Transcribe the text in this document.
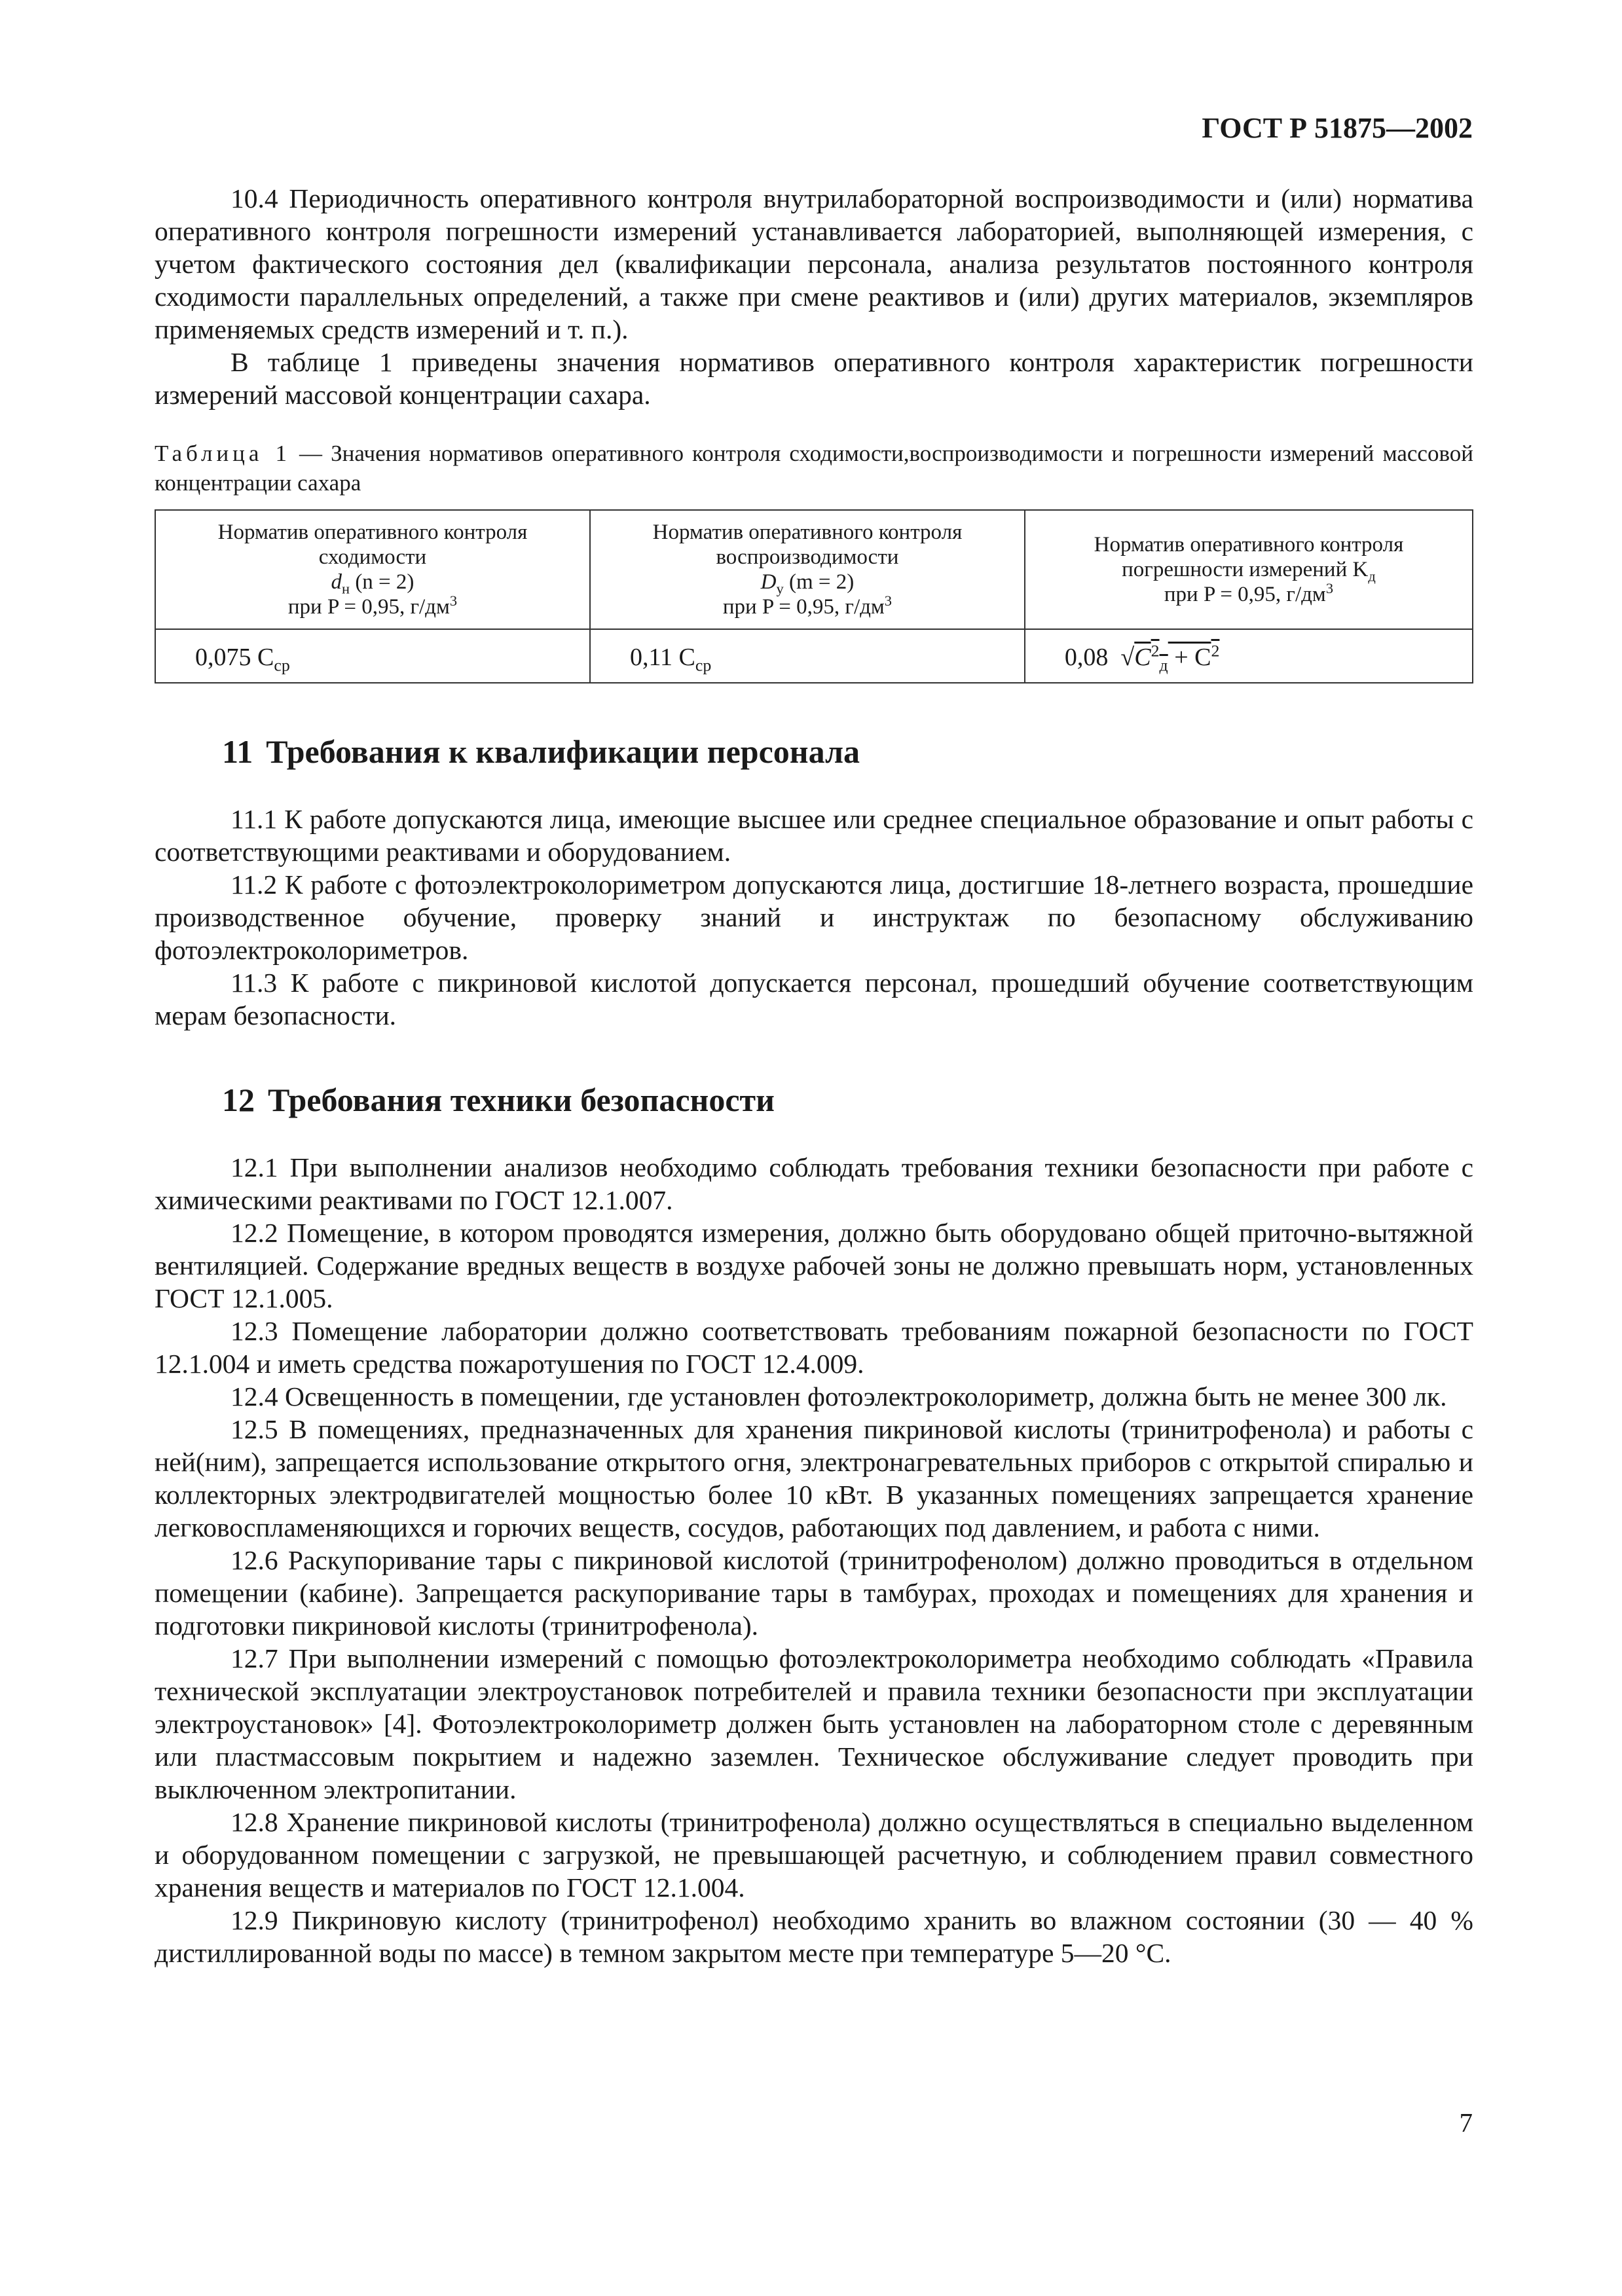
ГОСТ Р 51875—2002

10.4 Периодичность оперативного контроля внутрилабораторной воспроизводимости и (или) норматива оперативного контроля погрешности измерений устанавливается лабораторией, выполняющей измерения, с учетом фактического состояния дел (квалификации персонала, анализа результатов постоянного контроля сходимости параллельных определений, а также при смене реактивов и (или) других материалов, экземпляров применяемых средств измерений и т. п.).

В таблице 1 приведены значения нормативов оперативного контроля характеристик погрешности измерений массовой концентрации сахара.

Таблица 1 — Значения нормативов оперативного контроля сходимости,воспроизводимости и погрешности измерений массовой концентрации сахара
Норматив оперативного контроля
сходимости
$d_н$ (n = 2)
при P = 0,95, $г/дм^3$	Норматив оперативного контроля
воспроизводимости
$D_y$ (m = 2)
при P = 0,95, $г/дм^3$	Норматив оперативного контроля
погрешности измерений $K_д$
при P = 0,95, $г/дм^3$
0,075 $C_{ср}$	0,11 $C_{ср}$	0,08 $√C^2_д + C^2$
11 Требования к квалификации персонала

11.1 К работе допускаются лица, имеющие высшее или среднее специальное образование и опыт работы с соответствующими реактивами и оборудованием.

11.2 К работе с фотоэлектроколориметром допускаются лица, достигшие 18-летнего возраста, прошедшие производственное обучение, проверку знаний и инструктаж по безопасному обслуживанию фотоэлектроколориметров.

11.3 К работе с пикриновой кислотой допускается персонал, прошедший обучение соответствующим мерам безопасности.

12 Требования техники безопасности

12.1 При выполнении анализов необходимо соблюдать требования техники безопасности при работе с химическими реактивами по ГОСТ 12.1.007.

12.2 Помещение, в котором проводятся измерения, должно быть оборудовано общей приточно-вытяжной вентиляцией. Содержание вредных веществ в воздухе рабочей зоны не должно превышать норм, установленных ГОСТ 12.1.005.

12.3 Помещение лаборатории должно соответствовать требованиям пожарной безопасности по ГОСТ 12.1.004 и иметь средства пожаротушения по ГОСТ 12.4.009.

12.4 Освещенность в помещении, где установлен фотоэлектроколориметр, должна быть не менее 300 лк.

12.5 В помещениях, предназначенных для хранения пикриновой кислоты (тринитрофенола) и работы с ней(ним), запрещается использование открытого огня, электронагревательных приборов с открытой спиралью и коллекторных электродвигателей мощностью более 10 кВт. В указанных помещениях запрещается хранение легковоспламеняющихся и горючих веществ, сосудов, работающих под давлением, и работа с ними.

12.6 Раскупоривание тары с пикриновой кислотой (тринитрофенолом) должно проводиться в отдельном помещении (кабине). Запрещается раскупоривание тары в тамбурах, проходах и помещениях для хранения и подготовки пикриновой кислоты (тринитрофенола).

12.7 При выполнении измерений с помощью фотоэлектроколориметра необходимо соблюдать «Правила технической эксплуатации электроустановок потребителей и правила техники безопасности при эксплуатации электроустановок» [4]. Фотоэлектроколориметр должен быть установлен на лабораторном столе с деревянным или пластмассовым покрытием и надежно заземлен. Техническое обслуживание следует проводить при выключенном электропитании.

12.8 Хранение пикриновой кислоты (тринитрофенола) должно осуществляться в специально выделенном и оборудованном помещении с загрузкой, не превышающей расчетную, и соблюдением правил совместного хранения веществ и материалов по ГОСТ 12.1.004.

12.9 Пикриновую кислоту (тринитрофенол) необходимо хранить во влажном состоянии (30 — 40 % дистиллированной воды по массе) в темном закрытом месте при температуре 5—20 °С.

7
